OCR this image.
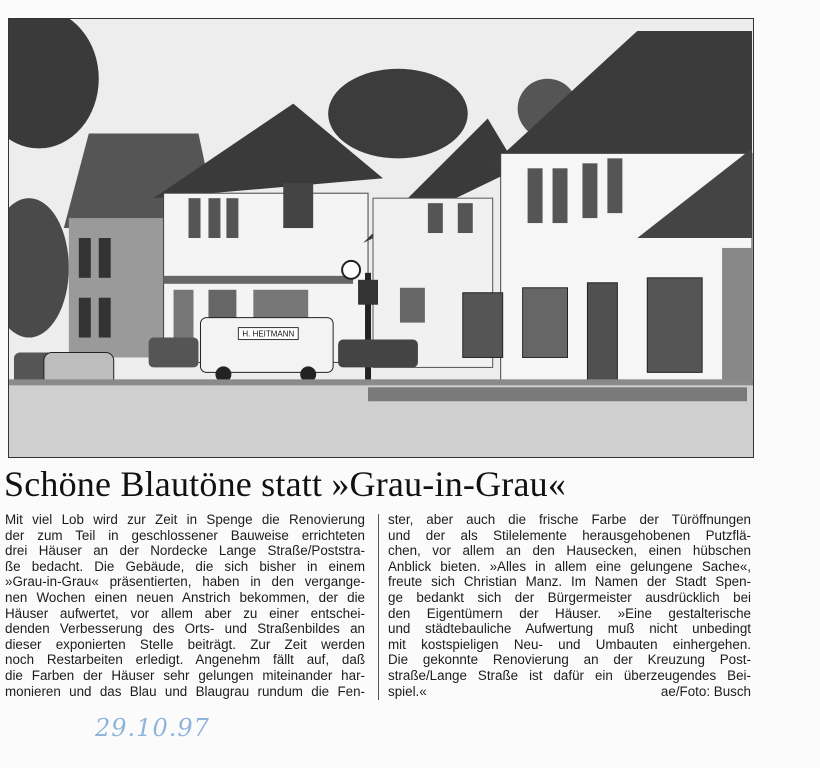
H. HEITMANN
Schöne Blautöne statt »Grau-in-Grau«
Mit viel Lob wird zur Zeit in Spenge die Renovierung
der zum Teil in geschlossener Bauweise errichteten
drei Häuser an der Nordecke Lange Straße/Poststra-
ße bedacht. Die Gebäude, die sich bisher in einem
»Grau-in-Grau« präsentierten, haben in den vergange-
nen Wochen einen neuen Anstrich bekommen, der die
Häuser aufwertet, vor allem aber zu einer entschei-
denden Verbesserung des Orts- und Straßenbildes an
dieser exponierten Stelle beiträgt. Zur Zeit werden
noch Restarbeiten erledigt. Angenehm fällt auf, daß
die Farben der Häuser sehr gelungen miteinander har-
monieren und das Blau und Blaugrau rundum die Fen-
ster, aber auch die frische Farbe der Türöffnungen
und der als Stilelemente herausgehobenen Putzflä-
chen, vor allem an den Hausecken, einen hübschen
Anblick bieten. »Alles in allem eine gelungene Sache«,
freute sich Christian Manz. Im Namen der Stadt Spen-
ge bedankt sich der Bürgermeister ausdrücklich bei
den Eigentümern der Häuser. »Eine gestalterische
und städtebauliche Aufwertung muß nicht unbedingt
mit kostspieligen Neu- und Umbauten einhergehen.
Die gekonnte Renovierung an der Kreuzung Post-
straße/Lange Straße ist dafür ein überzeugendes Bei-
spiel.«	ae/Foto: Busch
29.10.97
